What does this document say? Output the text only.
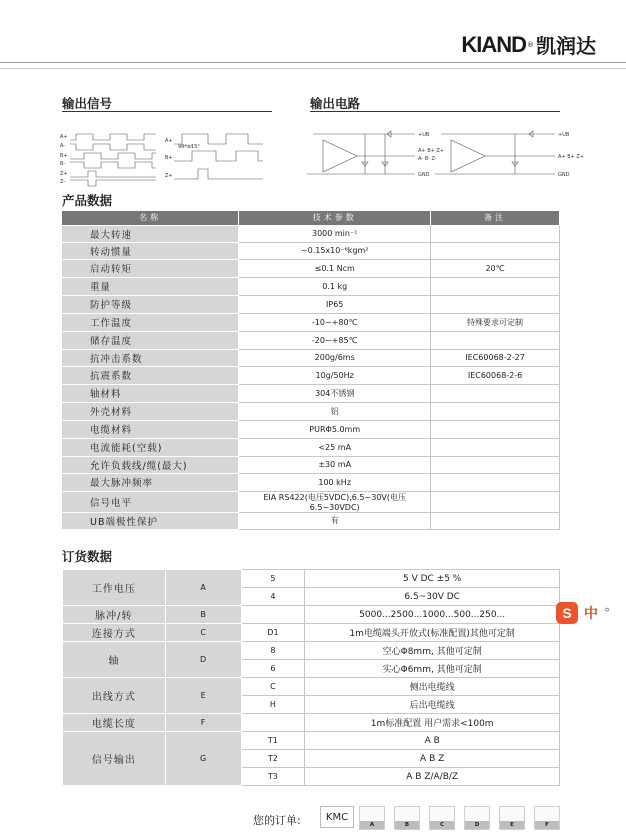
KIAND ® 凯润达
输出信号	输出电路
A+
A-
B+
B-
Z+
Z-
A+
B+
Z+
90°±15°
+UB
A+ B+ Z+
A- B- Z-
GND
+UB
A+ B+ Z+
GND
产品数据
名称	技术参数	备注
最大转速	3000 min⁻¹	
转动惯量	~0.15x10⁻⁶kgm²	
启动转矩	≤0.1 Ncm	20℃
重量	0.1 kg	
防护等级	IP65	
工作温度	-10~+80℃	特殊要求可定制
储存温度	-20~+85℃	
抗冲击系数	200g/6ms	IEC60068-2-27
抗震系数	10g/50Hz	IEC60068-2-6
轴材料	304不锈钢	
外壳材料	铝	
电缆材料	PURΦ5.0mm	
电流能耗(空载)	<25 mA	
允许负载线/缆(最大)	±30 mA	
最大脉冲频率	100 kHz	
信号电平	EIA RS422(电压5VDC),6.5~30V(电压6.5~30VDC)	
UB端极性保护	有	
订货数据
工作电压	A	5	5 V DC ±5 %
		4	6.5~30V DC
脉冲/转	B		5000...2500...1000...500...250...
连接方式	C	D1	1m电缆端头开放式(标准配置)其他可定制
轴	D	8	空心Φ8mm, 其他可定制
		6	实心Φ6mm, 其他可定制
出线方式	E	C	侧出电缆线
		H	后出电缆线
电缆长度	F		1m标准配置 用户需求<100m
信号输出	G	T1	A B
		T2	A B Z
		T3	A B Z/A/B/Z
您的订单:	KMC
A	B	C	D	E	F
S 中 °
